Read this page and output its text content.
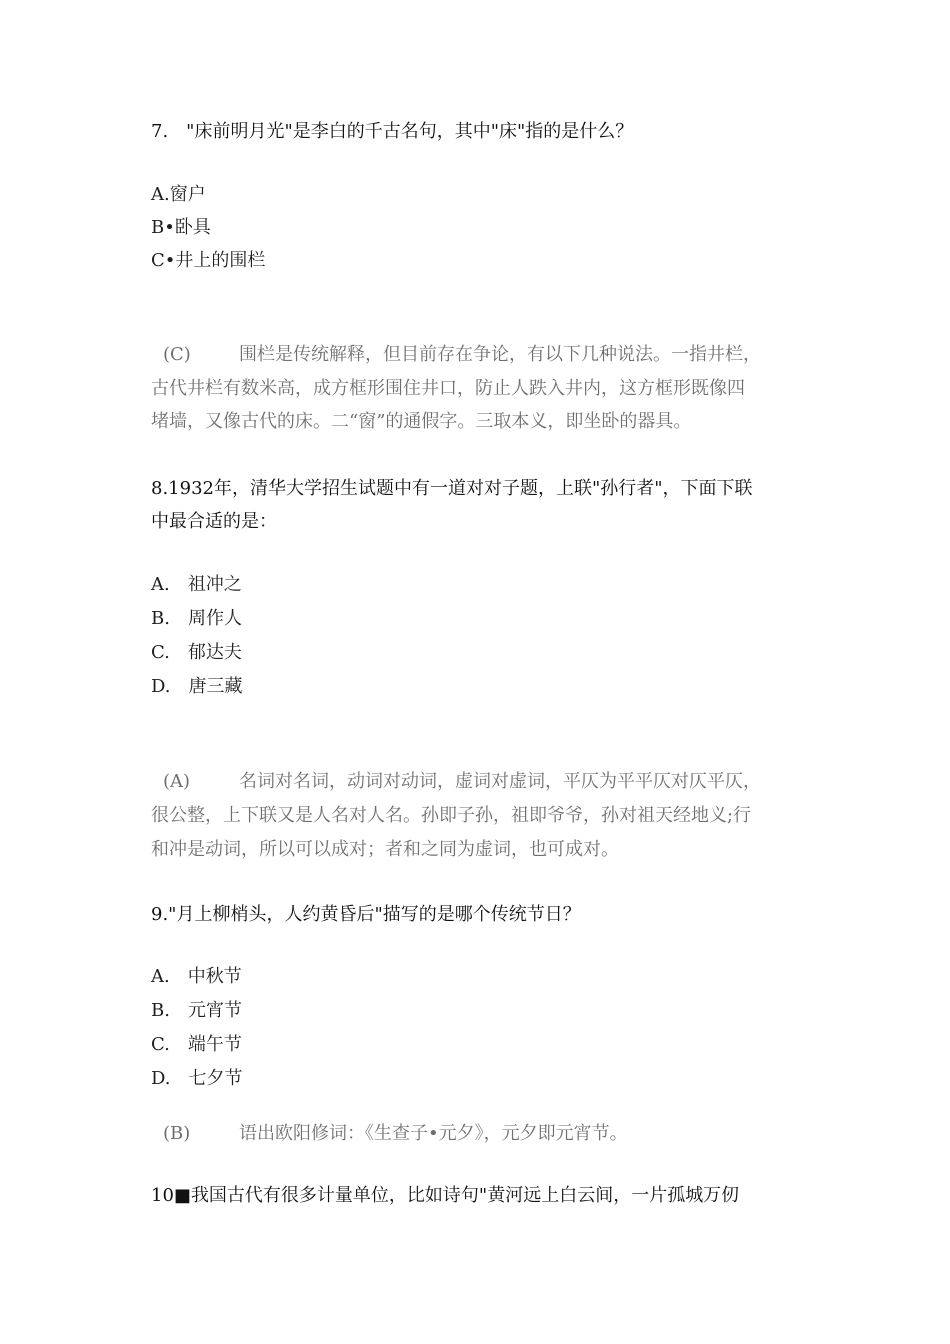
7.　"床前明月光"是李白的千古名句，其中"床"指的是什么？
A.窗户
B•卧具
C•井上的围栏
(C)	围栏是传统解释，但目前存在争论，有以下几种说法。一指井栏，
古代井栏有数米高，成方框形围住井口，防止人跌入井内，这方框形既像四
堵墙，又像古代的床。二“窗”的通假字。三取本义，即坐卧的器具。
8.1932年，清华大学招生试题中有一道对对子题，上联"孙行者"，下面下联
中最合适的是：
A.　祖冲之
B.　周作人
C.　郁达夫
D.　唐三藏
(A)	名词对名词，动词对动词，虚词对虚词，平仄为平平仄对仄平仄，
很公整，上下联又是人名对人名。孙即子孙，祖即爷爷，孙对祖天经地义;行
和冲是动词，所以可以成对；者和之同为虚词，也可成对。
9."月上柳梢头，人约黄昏后"描写的是哪个传统节日？
A.　中秋节
B.　元宵节
C.　端午节
D.　七夕节
(B)	语出欧阳修词：《生查子•元夕》，元夕即元宵节。
10■我国古代有很多计量单位，比如诗句"黄河远上白云间，一片孤城万仞
